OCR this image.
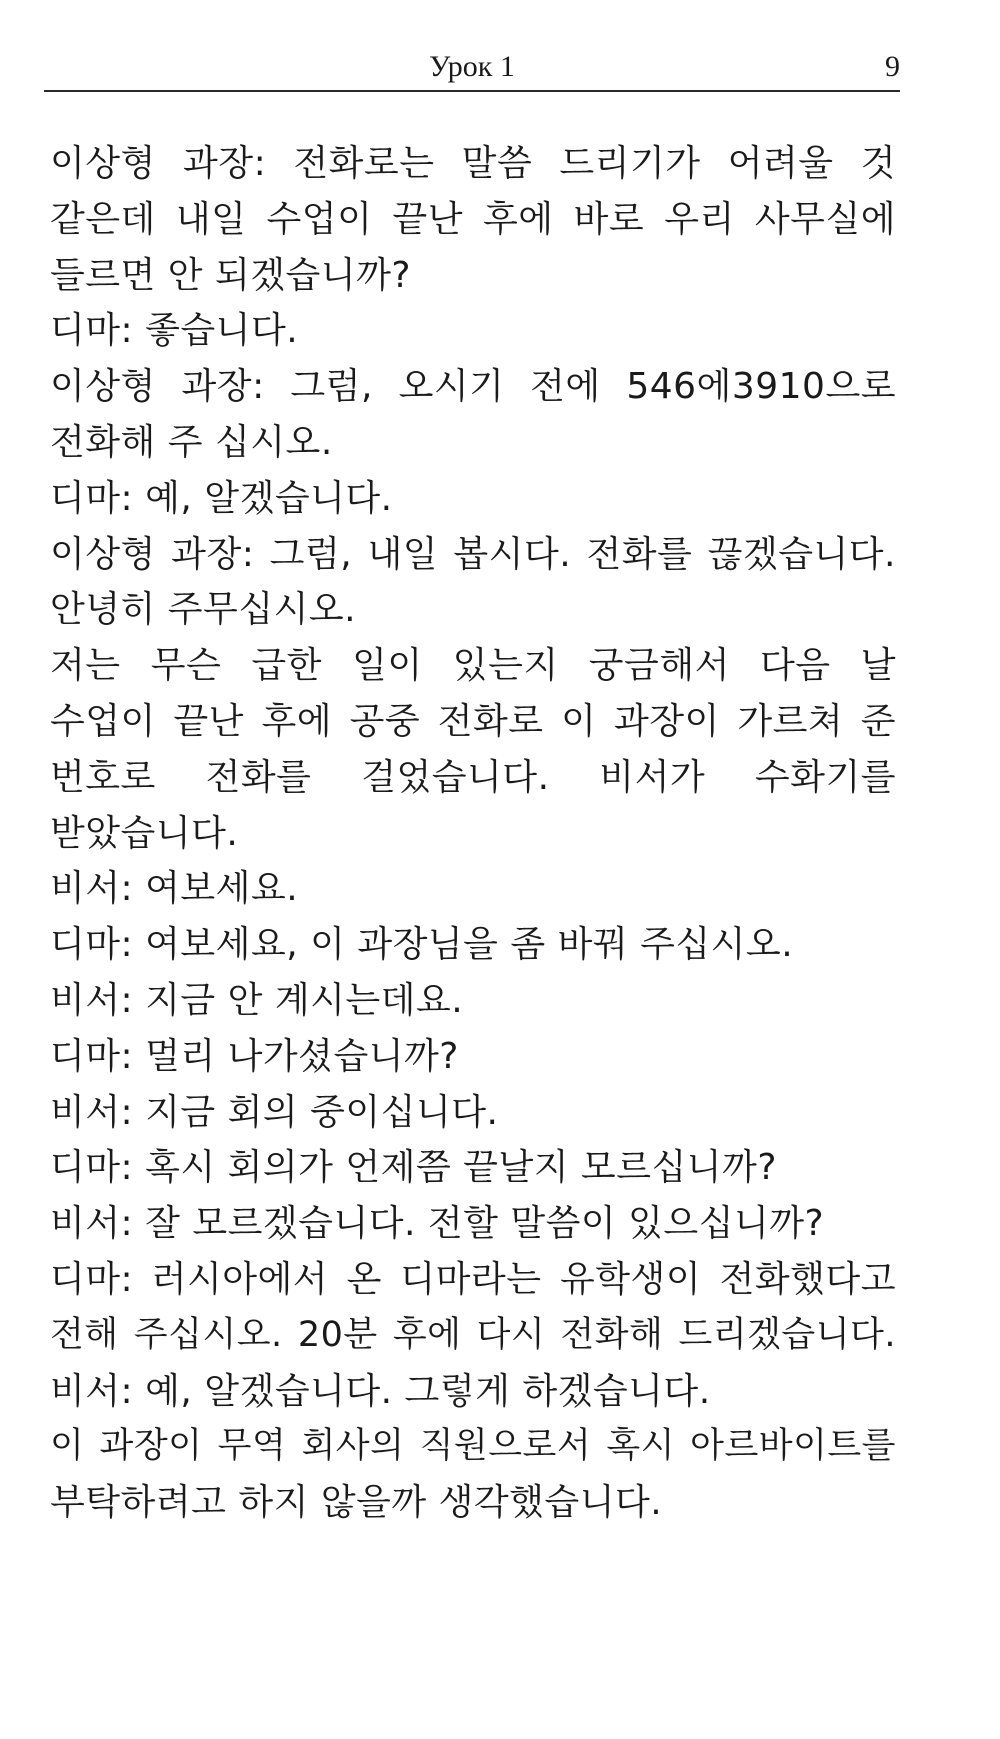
Урок 1	9
이상형 과장: 전화로는 말씀 드리기가 어려울 것
같은데 내일 수업이 끝난 후에 바로 우리 사무실에
들르면 안 되겠습니까?
디마: 좋습니다.
이상형 과장: 그럼, 오시기 전에 546에3910으로
전화해 주 십시오.
디마: 예, 알겠습니다.
이상형 과장: 그럼, 내일 봅시다. 전화를 끊겠습니다.
안녕히 주무십시오.
저는 무슨 급한 일이 있는지 궁금해서 다음 날
수업이 끝난 후에 공중 전화로 이 과장이 가르쳐 준
번호로 전화를 걸었습니다. 비서가 수화기를
받았습니다.
비서: 여보세요.
디마: 여보세요, 이 과장님을 좀 바꿔 주십시오.
비서: 지금 안 계시는데요.
디마: 멀리 나가셨습니까?
비서: 지금 회의 중이십니다.
디마: 혹시 회의가 언제쯤 끝날지 모르십니까?
비서: 잘 모르겠습니다. 전할 말씀이 있으십니까?
디마: 러시아에서 온 디마라는 유학생이 전화했다고
전해 주십시오. 20분 후에 다시 전화해 드리겠습니다.
비서: 예, 알겠습니다. 그렇게 하겠습니다.
이 과장이 무역 회사의 직원으로서 혹시 아르바이트를
부탁하려고 하지 않을까 생각했습니다.
